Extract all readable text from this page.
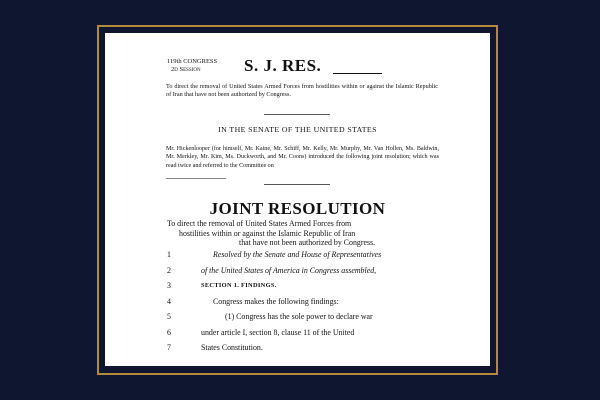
119th CONGRESS
2d Session	S. J. RES.
To direct the removal of United States Armed Forces from hostilities within or against the Islamic Republic of Iran that have not been authorized by Congress.
IN THE SENATE OF THE UNITED STATES
Mr. Hickenlooper (for himself, Mr. Kaine, Mr. Schiff, Mr. Kelly, Mr. Murphy, Mr. Van Hollen, Ms. Baldwin, Mr. Merkley, Mr. Kim, Ms. Duckworth, and Mr. Coons) introduced the following joint resolution; which was read twice and referred to the Committee on
JOINT RESOLUTION
To direct the removal of United States Armed Forces from
hostilities within or against the Islamic Republic of Iran
that have not been authorized by Congress.
1	Resolved by the Senate and House of Representatives
2	of the United States of America in Congress assembled,
3	SECTION 1. FINDINGS.
4	Congress makes the following findings:
5	(1) Congress has the sole power to declare war
6	under article I, section 8, clause 11 of the United
7	States Constitution.
